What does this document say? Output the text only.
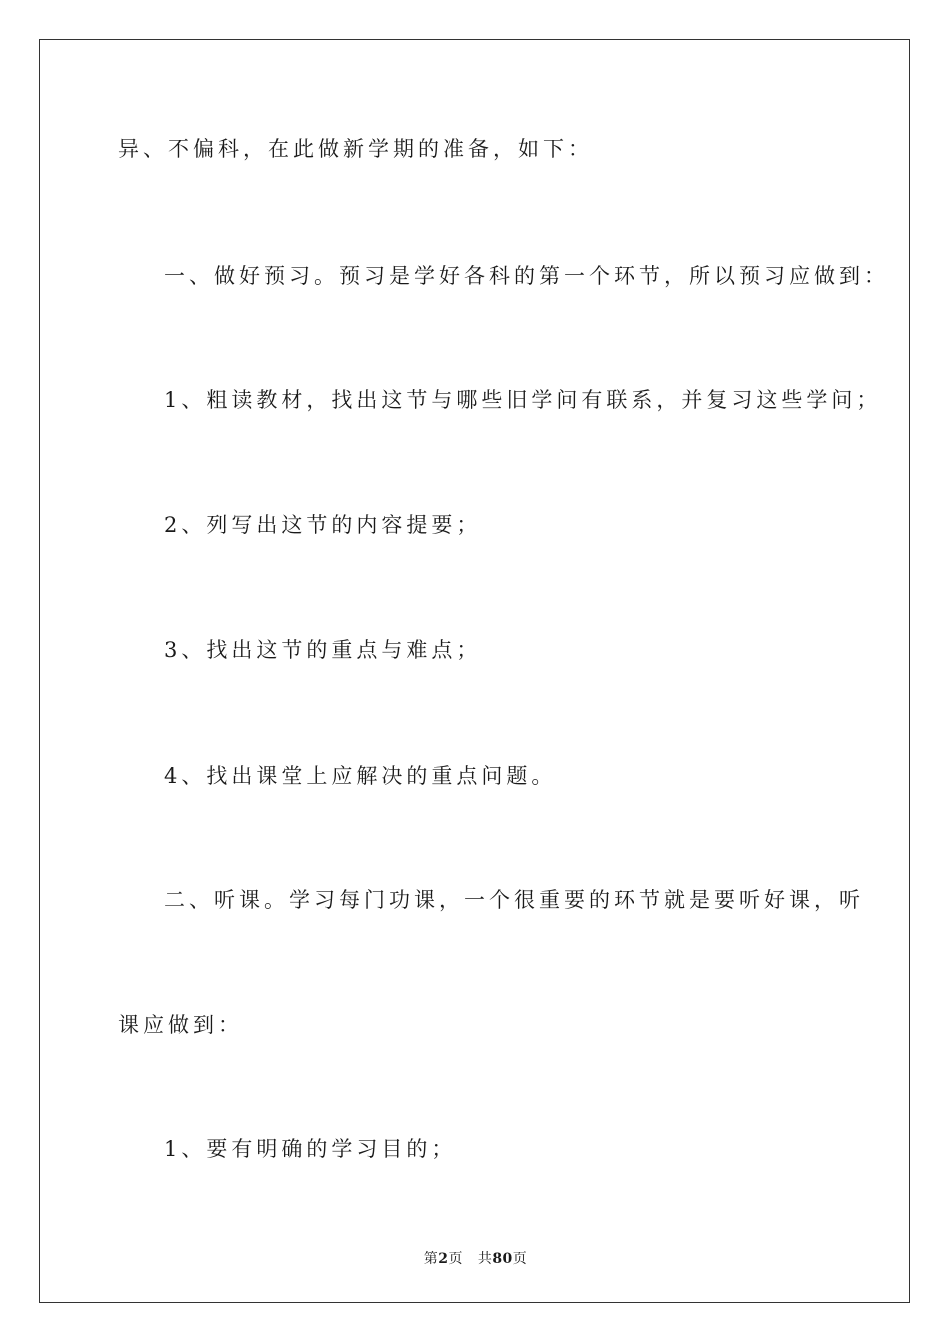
异、不偏科，在此做新学期的准备，如下：
一、做好预习。预习是学好各科的第一个环节，所以预习应做到：
1、粗读教材，找出这节与哪些旧学问有联系，并复习这些学问；
2、列写出这节的内容提要；
3、找出这节的重点与难点；
4、找出课堂上应解决的重点问题。
二、听课。学习每门功课，一个很重要的环节就是要听好课，听
课应做到：
1、要有明确的学习目的；
第2页 共80页
